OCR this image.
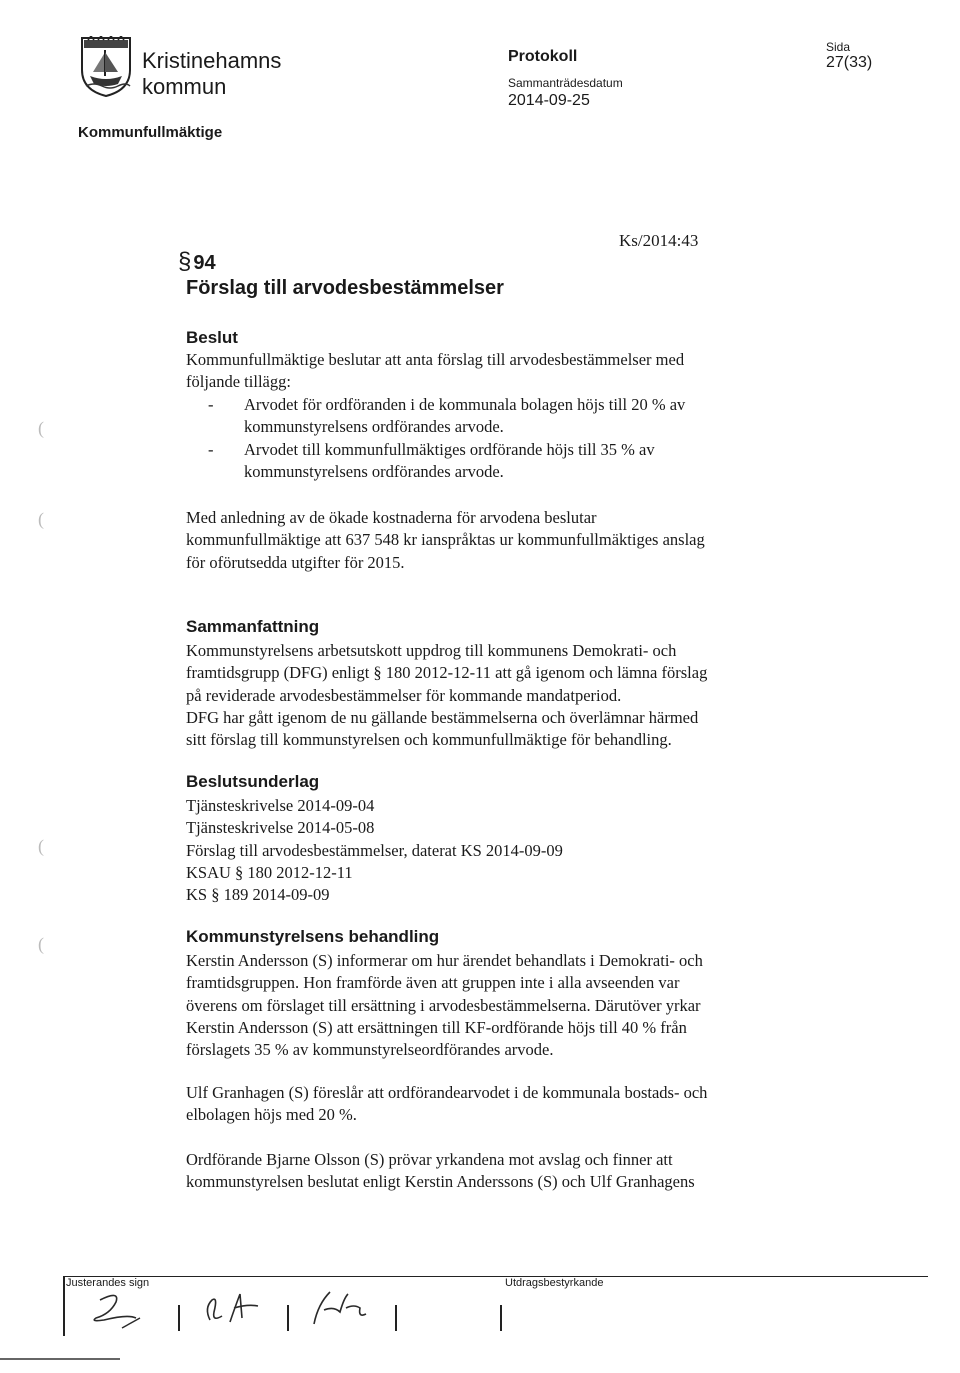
Kristinehamns
kommun
Protokoll
Sammanträdesdatum
2014-09-25
Sida
27(33)
Kommunfullmäktige
Ks/2014:43
§ 94
Förslag till arvodesbestämmelser
Beslut
Kommunfullmäktige beslutar att anta förslag till arvodesbestämmelser med
följande tillägg:
- Arvodet för ordföranden i de kommunala bolagen höjs till 20 % av
kommunstyrelsens ordförandes arvode.
- Arvodet till kommunfullmäktiges ordförande höjs till 35 % av
kommunstyrelsens ordförandes arvode.
Med anledning av de ökade kostnaderna för arvodena beslutar
kommunfullmäktige att 637 548 kr ianspråktas ur kommunfullmäktiges anslag
för oförutsedda utgifter för 2015.
Sammanfattning
Kommunstyrelsens arbetsutskott uppdrog till kommunens Demokrati- och
framtidsgrupp (DFG) enligt § 180 2012-12-11 att gå igenom och lämna förslag
på reviderade arvodesbestämmelser för kommande mandatperiod.
DFG har gått igenom de nu gällande bestämmelserna och överlämnar härmed
sitt förslag till kommunstyrelsen och kommunfullmäktige för behandling.
Beslutsunderlag
Tjänsteskrivelse 2014-09-04
Tjänsteskrivelse 2014-05-08
Förslag till arvodesbestämmelser, daterat KS 2014-09-09
KSAU § 180 2012-12-11
KS § 189 2014-09-09
Kommunstyrelsens behandling
Kerstin Andersson (S) informerar om hur ärendet behandlats i Demokrati- och
framtidsgruppen. Hon framförde även att gruppen inte i alla avseenden var
överens om förslaget till ersättning i arvodesbestämmelserna. Därutöver yrkar
Kerstin Andersson (S) att ersättningen till KF-ordförande höjs till 40 % från
förslagets 35 % av kommunstyrelseordförandes arvode.
Ulf Granhagen (S) föreslår att ordförandearvodet i de kommunala bostads- och
elbolagen höjs med 20 %.
Ordförande Bjarne Olsson (S) prövar yrkandena mot avslag och finner att
kommunstyrelsen beslutat enligt Kerstin Anderssons (S) och Ulf Granhagens
(
(
(
(
Justerandes sign	Utdragsbestyrkande
